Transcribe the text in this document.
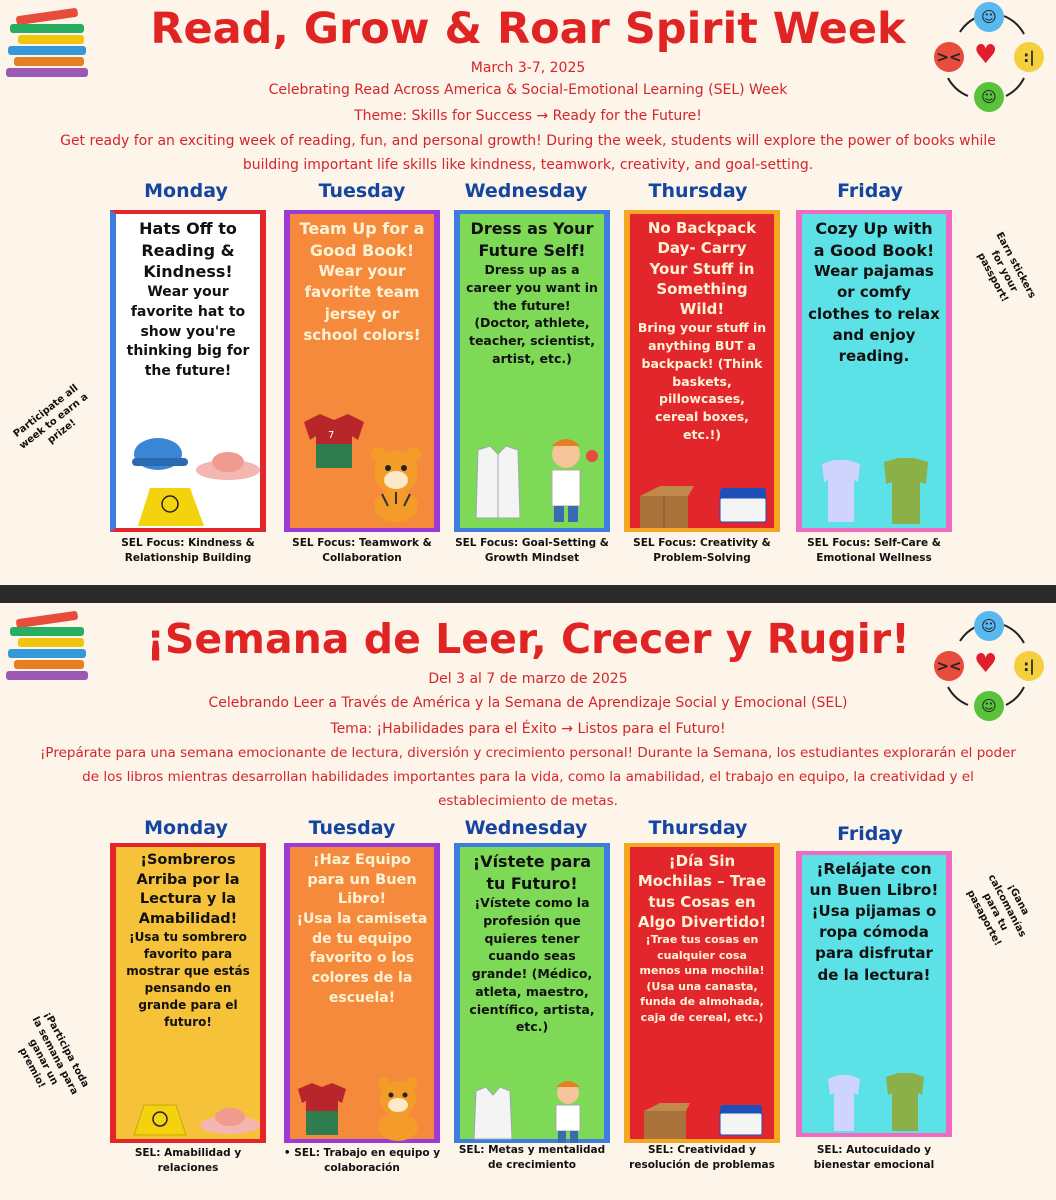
Read, Grow & Roar Spirit Week
March 3-7, 2025
Celebrating Read Across America & Social-Emotional Learning (SEL) Week
Theme: Skills for Success → Ready for the Future!
Get ready for an exciting week of reading, fun, and personal growth! During the week, students will explore the power of books while
building important life skills like kindness, teamwork, creativity, and goal-setting.
☺
:|
☺
>< ♥
Participate all week to earn a prize!
Earn stickers for your passport!
Monday
Hats Off to Reading & Kindness!
Wear your favorite hat to show you're thinking big for the future!
SEL Focus: Kindness & Relationship Building
Tuesday
Team Up for a Good Book!
Wear your favorite team jersey or school colors!
7
SEL Focus: Teamwork & Collaboration
Wednesday
Dress as Your Future Self!
Dress up as a career you want in the future! (Doctor, athlete, teacher, scientist, artist, etc.)
SEL Focus: Goal-Setting & Growth Mindset
Thursday
No Backpack Day- Carry Your Stuff in Something Wild!
Bring your stuff in anything BUT a backpack! (Think baskets, pillowcases, cereal boxes, etc.!)
SEL Focus: Creativity & Problem-Solving
Friday
Cozy Up with a Good Book!
Wear pajamas or comfy clothes to relax and enjoy reading.
SEL Focus: Self-Care & Emotional Wellness
¡Semana de Leer, Crecer y Rugir!
Del 3 al 7 de marzo de 2025
Celebrando Leer a Través de América y la Semana de Aprendizaje Social y Emocional (SEL)
Tema: ¡Habilidades para el Éxito → Listos para el Futuro!
¡Prepárate para una semana emocionante de lectura, diversión y crecimiento personal! Durante la Semana, los estudiantes explorarán el poder
de los libros mientras desarrollan habilidades importantes para la vida, como la amabilidad, el trabajo en equipo, la creatividad y el
establecimiento de metas.
☺
:|
☺
>< ♥
¡Participa toda la semana para ganar un premio!
¡Gana calcomanías para tu pasaporte!
Monday
¡Sombreros Arriba por la Lectura y la Amabilidad!
¡Usa tu sombrero favorito para mostrar que estás pensando en grande para el futuro!
SEL: Amabilidad y relaciones
Tuesday
¡Haz Equipo para un Buen Libro!
¡Usa la camiseta de tu equipo favorito o los colores de la escuela!
• SEL: Trabajo en equipo y colaboración
Wednesday
¡Vístete para tu Futuro!
¡Vístete como la profesión que quieres tener cuando seas grande! (Médico, atleta, maestro, científico, artista, etc.)
SEL: Metas y mentalidad de crecimiento
Thursday
¡Día Sin Mochilas – Trae tus Cosas en Algo Divertido!
¡Trae tus cosas en cualquier cosa menos una mochila! (Usa una canasta, funda de almohada, caja de cereal, etc.)
SEL: Creatividad y resolución de problemas
Friday
¡Relájate con un Buen Libro!
¡Usa pijamas o ropa cómoda para disfrutar de la lectura!
SEL: Autocuidado y bienestar emocional
